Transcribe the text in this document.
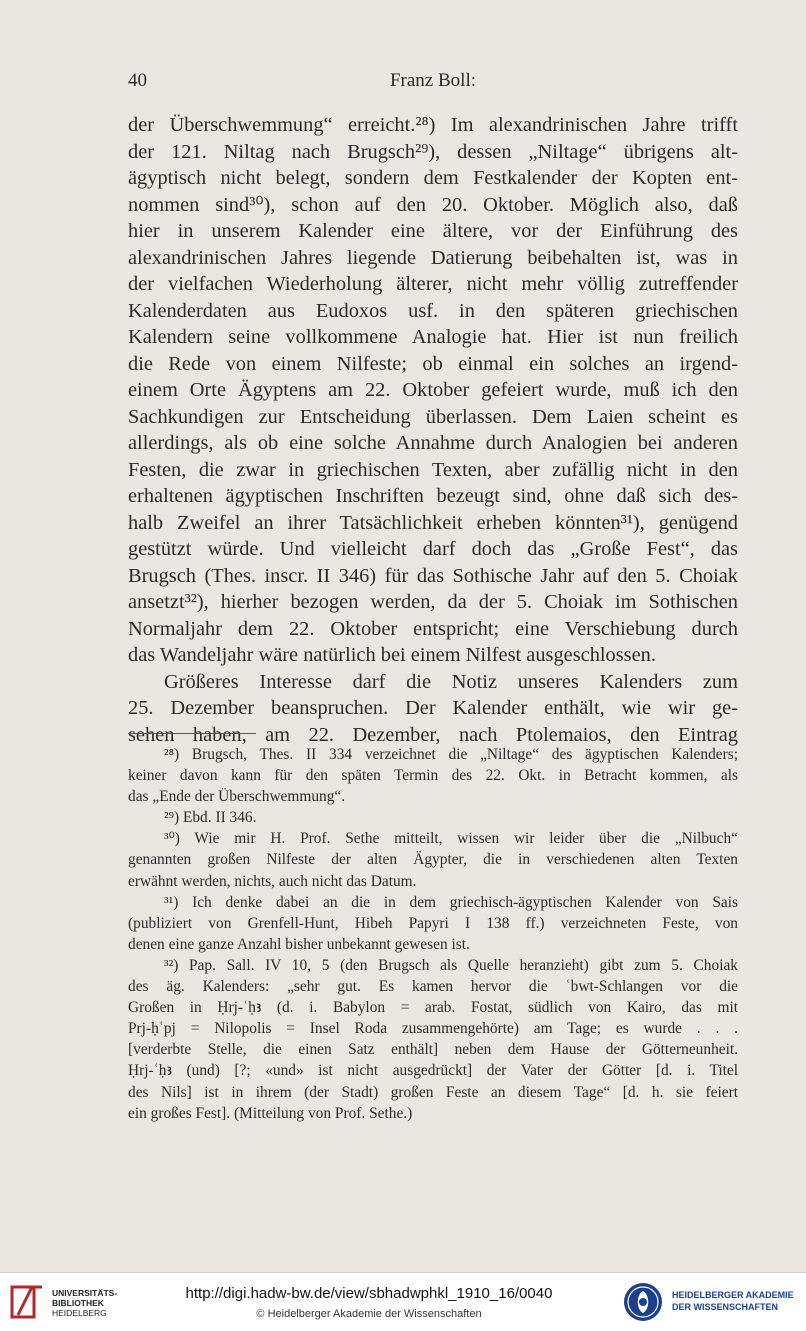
40	Franz Boll:
der Überschwemmung“ erreicht.²⁸) Im alexandrinischen Jahre trifft
der 121. Niltag nach Brugsch²⁹), dessen „Niltage“ übrigens alt-
ägyptisch nicht belegt, sondern dem Festkalender der Kopten ent-
nommen sind³⁰), schon auf den 20. Oktober. Möglich also, daß
hier in unserem Kalender eine ältere, vor der Einführung des
alexandrinischen Jahres liegende Datierung beibehalten ist, was in
der vielfachen Wiederholung älterer, nicht mehr völlig zutreffender
Kalenderdaten aus Eudoxos usf. in den späteren griechischen
Kalendern seine vollkommene Analogie hat. Hier ist nun freilich
die Rede von einem Nilfeste; ob einmal ein solches an irgend-
einem Orte Ägyptens am 22. Oktober gefeiert wurde, muß ich den
Sachkundigen zur Entscheidung überlassen. Dem Laien scheint es
allerdings, als ob eine solche Annahme durch Analogien bei anderen
Festen, die zwar in griechischen Texten, aber zufällig nicht in den
erhaltenen ägyptischen Inschriften bezeugt sind, ohne daß sich des-
halb Zweifel an ihrer Tatsächlichkeit erheben könnten³¹), genügend
gestützt würde. Und vielleicht darf doch das „Große Fest“, das
Brugsch (Thes. inscr. II 346) für das Sothische Jahr auf den 5. Choiak
ansetzt³²), hierher bezogen werden, da der 5. Choiak im Sothischen
Normaljahr dem 22. Oktober entspricht; eine Verschiebung durch
das Wandeljahr wäre natürlich bei einem Nilfest ausgeschlossen.
Größeres Interesse darf die Notiz unseres Kalenders zum
25. Dezember beanspruchen. Der Kalender enthält, wie wir ge-
sehen haben, am 22. Dezember, nach Ptolemaios, den Eintrag
²⁸) Brugsch, Thes. II 334 verzeichnet die „Niltage“ des ägyptischen Kalenders;
keiner davon kann für den späten Termin des 22. Okt. in Betracht kommen, als
das „Ende der Überschwemmung“.
²⁹) Ebd. II 346.
³⁰) Wie mir H. Prof. Sethe mitteilt, wissen wir leider über die „Nilbuch“
genannten großen Nilfeste der alten Ägypter, die in verschiedenen alten Texten
erwähnt werden, nichts, auch nicht das Datum.
³¹) Ich denke dabei an die in dem griechisch-ägyptischen Kalender von Sais
(publiziert von Grenfell-Hunt, Hibeh Papyri I 138 ff.) verzeichneten Feste, von
denen eine ganze Anzahl bisher unbekannt gewesen ist.
³²) Pap. Sall. IV 10, 5 (den Brugsch als Quelle heranzieht) gibt zum 5. Choiak
des äg. Kalenders: „sehr gut. Es kamen hervor die ʿbwt-Schlangen vor die
Großen in Ḥrj-ʿḥꜣ (d. i. Babylon = arab. Fostat, südlich von Kairo, das mit
Prj-ḥʿpj = Nilopolis = Insel Roda zusammengehörte) am Tage; es wurde . . .
[verderbte Stelle, die einen Satz enthält] neben dem Hause der Götterneunheit.
Ḥrj-ʿḥꜣ (und) [?; «und» ist nicht ausgedrückt] der Vater der Götter [d. i. Titel
des Nils] ist in ihrem (der Stadt) großen Feste an diesem Tage“ [d. h. sie feiert
ein großes Fest]. (Mitteilung von Prof. Sethe.)
UNIVERSITÄTS-
BIBLIOTHEK
HEIDELBERG
http://digi.hadw-bw.de/view/sbhadwphkl_1910_16/0040
© Heidelberger Akademie der Wissenschaften
HEIDELBERGER AKADEMIE
DER WISSENSCHAFTEN
